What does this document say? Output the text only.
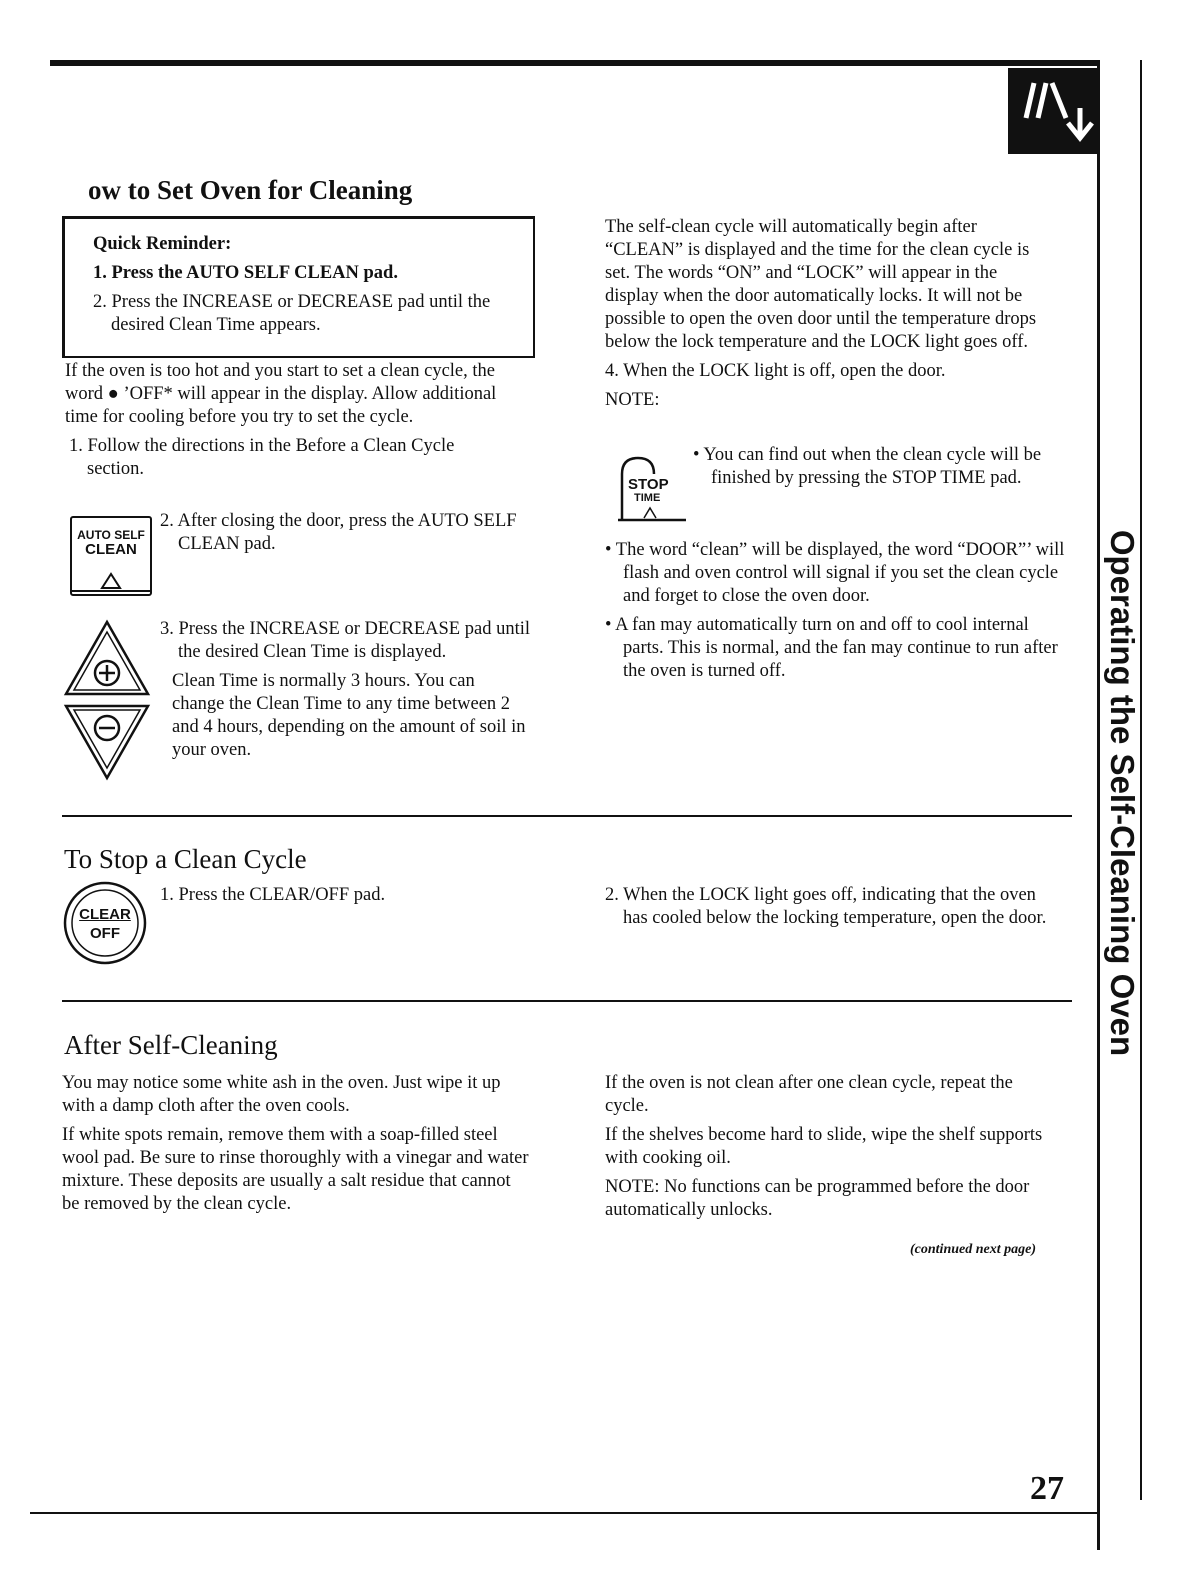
ow to Set Oven for Cleaning

Quick Reminder:

1. Press the AUTO SELF CLEAN pad.

2. Press the INCREASE or DECREASE pad until the desired Clean Time appears.

If the oven is too hot and you start to set a clean cycle, the word ● ’OFF* will appear in the display. Allow additional time for cooling before you try to set the cycle.

1. Follow the directions in the Before a Clean Cycle section.

AUTO SELF
CLEAN
2. After closing the door, press the AUTO SELF CLEAN pad.

3. Press the INCREASE or DECREASE pad until the desired Clean Time is displayed.

Clean Time is normally 3 hours. You can change the Clean Time to any time between 2 and 4 hours, depending on the amount of soil in your oven.

The self-clean cycle will automatically begin after “CLEAN” is displayed and the time for the clean cycle is set. The words “ON” and “LOCK” will appear in the display when the door automatically locks. It will not be possible to open the oven door until the temperature drops below the lock temperature and the LOCK light goes off.

4. When the LOCK light is off, open the door.

NOTE:

STOP
TIME
• You can find out when the clean cycle will be finished by pressing the STOP TIME pad.

• The word “clean” will be displayed, the word “DOOR”’ will flash and oven control will signal if you set the clean cycle and forget to close the oven door.

• A fan may automatically turn on and off to cool internal parts. This is normal, and the fan may continue to run after the oven is turned off.

To Stop a Clean Cycle
CLEAR
OFF
1. Press the CLEAR/OFF pad.	2. When the LOCK light goes off, indicating that the oven has cooled below the locking temperature, open the door.
After Self-Cleaning

You may notice some white ash in the oven. Just wipe it up with a damp cloth after the oven cools.

If white spots remain, remove them with a soap-filled steel wool pad. Be sure to rinse thoroughly with a vinegar and water mixture. These deposits are usually a salt residue that cannot be removed by the clean cycle.

If the oven is not clean after one clean cycle, repeat the cycle.

If the shelves become hard to slide, wipe the shelf supports with cooking oil.

NOTE: No functions can be programmed before the door automatically unlocks.

(continued next page)
Operating the Self-Cleaning Oven
27
